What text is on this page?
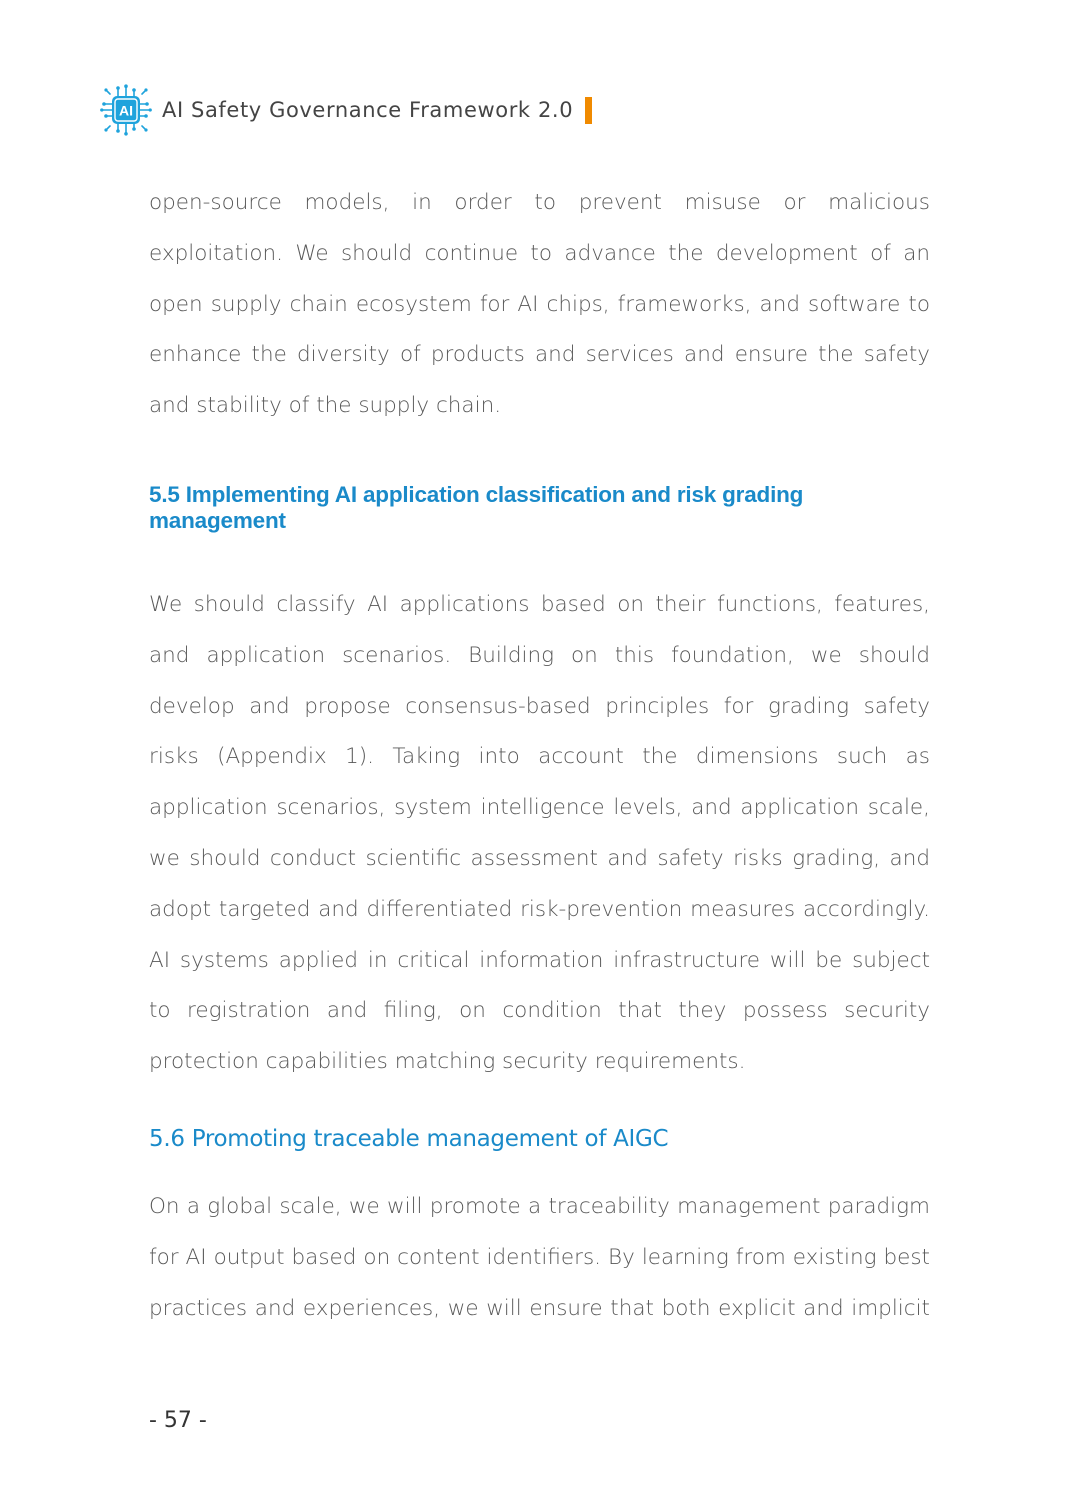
AI AI Safety Governance Framework 2.0

open-source models, in order to prevent misuse or malicious exploitation. We should continue to advance the development of an open supply chain ecosystem for AI chips, frameworks, and software to enhance the diversity of products and services and ensure the safety and stability of the supply chain.

5.5 Implementing AI application classification and risk grading management

We should classify AI applications based on their functions, features, and application scenarios. Building on this foundation, we should develop and propose consensus-based principles for grading safety risks (Appendix 1). Taking into account the dimensions such as application scenarios, system intelligence levels, and application scale, we should conduct scientific assessment and safety risks grading, and adopt targeted and differentiated risk-prevention measures accordingly. AI systems applied in critical information infrastructure will be subject to registration and filing, on condition that they possess security protection capabilities matching security requirements.

5.6 Promoting traceable management of AIGC

On a global scale, we will promote a traceability management paradigm for AI output based on content identifiers. By learning from existing best practices and experiences, we will ensure that both explicit and implicit

- 57 -
